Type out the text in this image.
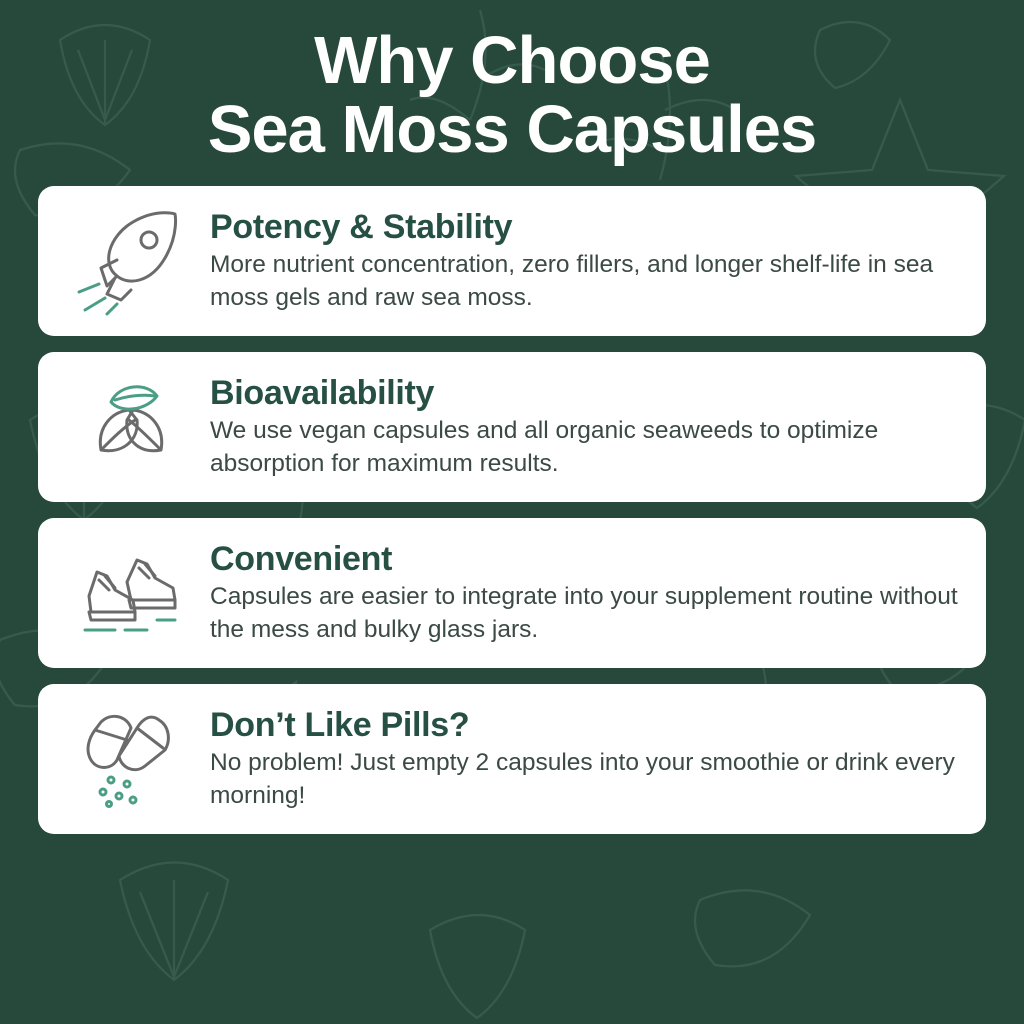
Why Choose
Sea Moss Capsules
Potency & Stability

More nutrient concentration, zero fillers, and longer shelf-life in sea moss gels and raw sea moss.

Bioavailability

We use vegan capsules and all organic seaweeds to optimize absorption for maximum results.

Convenient

Capsules are easier to integrate into your supplement routine without the mess and bulky glass jars.

Don’t Like Pills?

No problem! Just empty 2 capsules into your smoothie or drink every morning!
